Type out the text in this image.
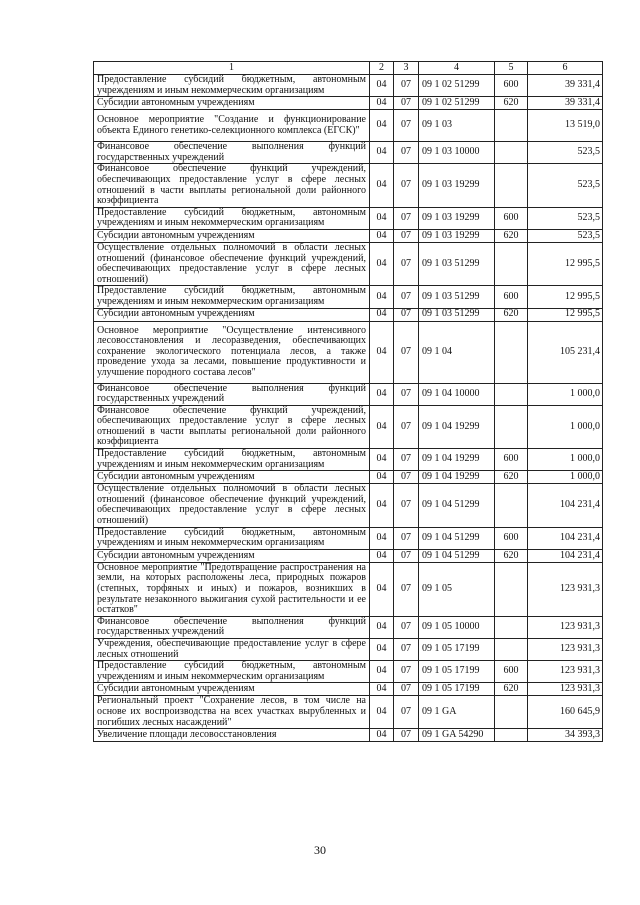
1	2	3	4	5	6
Предоставление субсидий бюджетным, автономным учреждениям и иным некоммерческим организациям	04	07	09 1 02 51299	600	39 331,4
Субсидии автономным учреждениям	04	07	09 1 02 51299	620	39 331,4
Основное мероприятие "Создание и функционирование объекта Единого генетико-селекционного комплекса (ЕГСК)"	04	07	09 1 03		13 519,0
Финансовое обеспечение выполнения функций государственных учреждений	04	07	09 1 03 10000		523,5
Финансовое обеспечение функций учреждений, обеспечивающих предоставление услуг в сфере лесных отношений в части выплаты региональной доли районного коэффициента	04	07	09 1 03 19299		523,5
Предоставление субсидий бюджетным, автономным учреждениям и иным некоммерческим организациям	04	07	09 1 03 19299	600	523,5
Субсидии автономным учреждениям	04	07	09 1 03 19299	620	523,5
Осуществление отдельных полномочий в области лесных отношений (финансовое обеспечение функций учреждений, обеспечивающих предоставление услуг в сфере лесных отношений)	04	07	09 1 03 51299		12 995,5
Предоставление субсидий бюджетным, автономным учреждениям и иным некоммерческим организациям	04	07	09 1 03 51299	600	12 995,5
Субсидии автономным учреждениям	04	07	09 1 03 51299	620	12 995,5
Основное мероприятие "Осуществление интенсивного лесовосстановления и лесоразведения, обеспечивающих сохранение экологического потенциала лесов, а также проведение ухода за лесами, повышение продуктивности и улучшение породного состава лесов"	04	07	09 1 04		105 231,4
Финансовое обеспечение выполнения функций государственных учреждений	04	07	09 1 04 10000		1 000,0
Финансовое обеспечение функций учреждений, обеспечивающих предоставление услуг в сфере лесных отношений в части выплаты региональной доли районного коэффициента	04	07	09 1 04 19299		1 000,0
Предоставление субсидий бюджетным, автономным учреждениям и иным некоммерческим организациям	04	07	09 1 04 19299	600	1 000,0
Субсидии автономным учреждениям	04	07	09 1 04 19299	620	1 000,0
Осуществление отдельных полномочий в области лесных отношений (финансовое обеспечение функций учреждений, обеспечивающих предоставление услуг в сфере лесных отношений)	04	07	09 1 04 51299		104 231,4
Предоставление субсидий бюджетным, автономным учреждениям и иным некоммерческим организациям	04	07	09 1 04 51299	600	104 231,4
Субсидии автономным учреждениям	04	07	09 1 04 51299	620	104 231,4
Основное мероприятие "Предотвращение распространения на земли, на которых расположены леса, природных пожаров (степных, торфяных и иных) и пожаров, возникших в результате незаконного выжигания сухой растительности и ее остатков"	04	07	09 1 05		123 931,3
Финансовое обеспечение выполнения функций государственных учреждений	04	07	09 1 05 10000		123 931,3
Учреждения, обеспечивающие предоставление услуг в сфере лесных отношений	04	07	09 1 05 17199		123 931,3
Предоставление субсидий бюджетным, автономным учреждениям и иным некоммерческим организациям	04	07	09 1 05 17199	600	123 931,3
Субсидии автономным учреждениям	04	07	09 1 05 17199	620	123 931,3
Региональный проект "Сохранение лесов, в том числе на основе их воспроизводства на всех участках вырубленных и погибших лесных насаждений"	04	07	09 1 GA		160 645,9
Увеличение площади лесовосстановления	04	07	09 1 GA 54290		34 393,3
30
